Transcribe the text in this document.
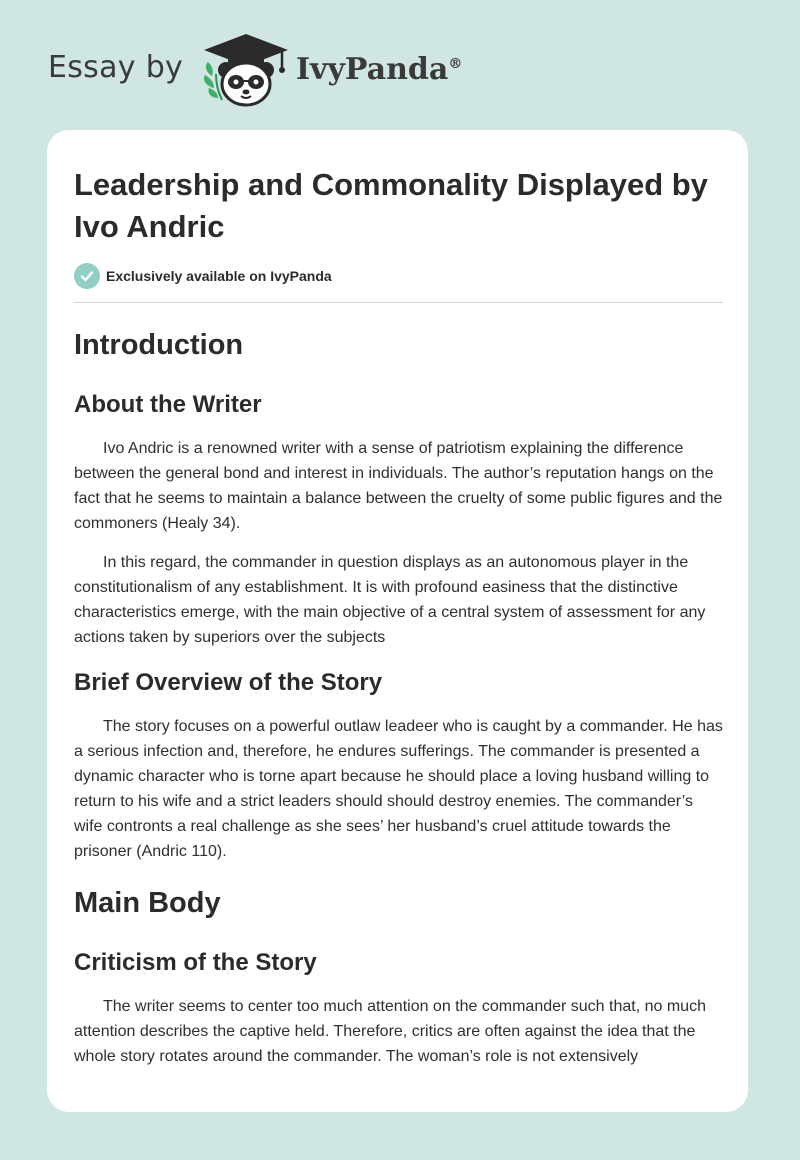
Essay by	IvyPanda®
Leadership and Commonality Displayed by Ivo Andric
Exclusively available on IvyPanda
Introduction
About the Writer

Ivo Andric is a renowned writer with a sense of patriotism explaining the difference between the general bond and interest in individuals. The author’s reputation hangs on the fact that he seems to maintain a balance between the cruelty of some public figures and the commoners (Healy 34).

In this regard, the commander in question displays as an autonomous player in the constitutionalism of any establishment. It is with profound easiness that the distinctive characteristics emerge, with the main objective of a central system of assessment for any actions taken by superiors over the subjects

Brief Overview of the Story

The story focuses on a powerful outlaw leadeer who is caught by a commander. He has a serious infection and, therefore, he endures sufferings. The commander is presented a dynamic character who is torne apart because he should place a loving husband willing to return to his wife and a strict leaders should should destroy enemies. The commander’s wife contronts a real challenge as she sees’ her husband’s cruel attitude towards the prisoner (Andric 110).

Main Body
Criticism of the Story

The writer seems to center too much attention on the commander such that, no much attention describes the captive held. Therefore, critics are often against the idea that the whole story rotates around the commander. The woman’s role is not extensively
